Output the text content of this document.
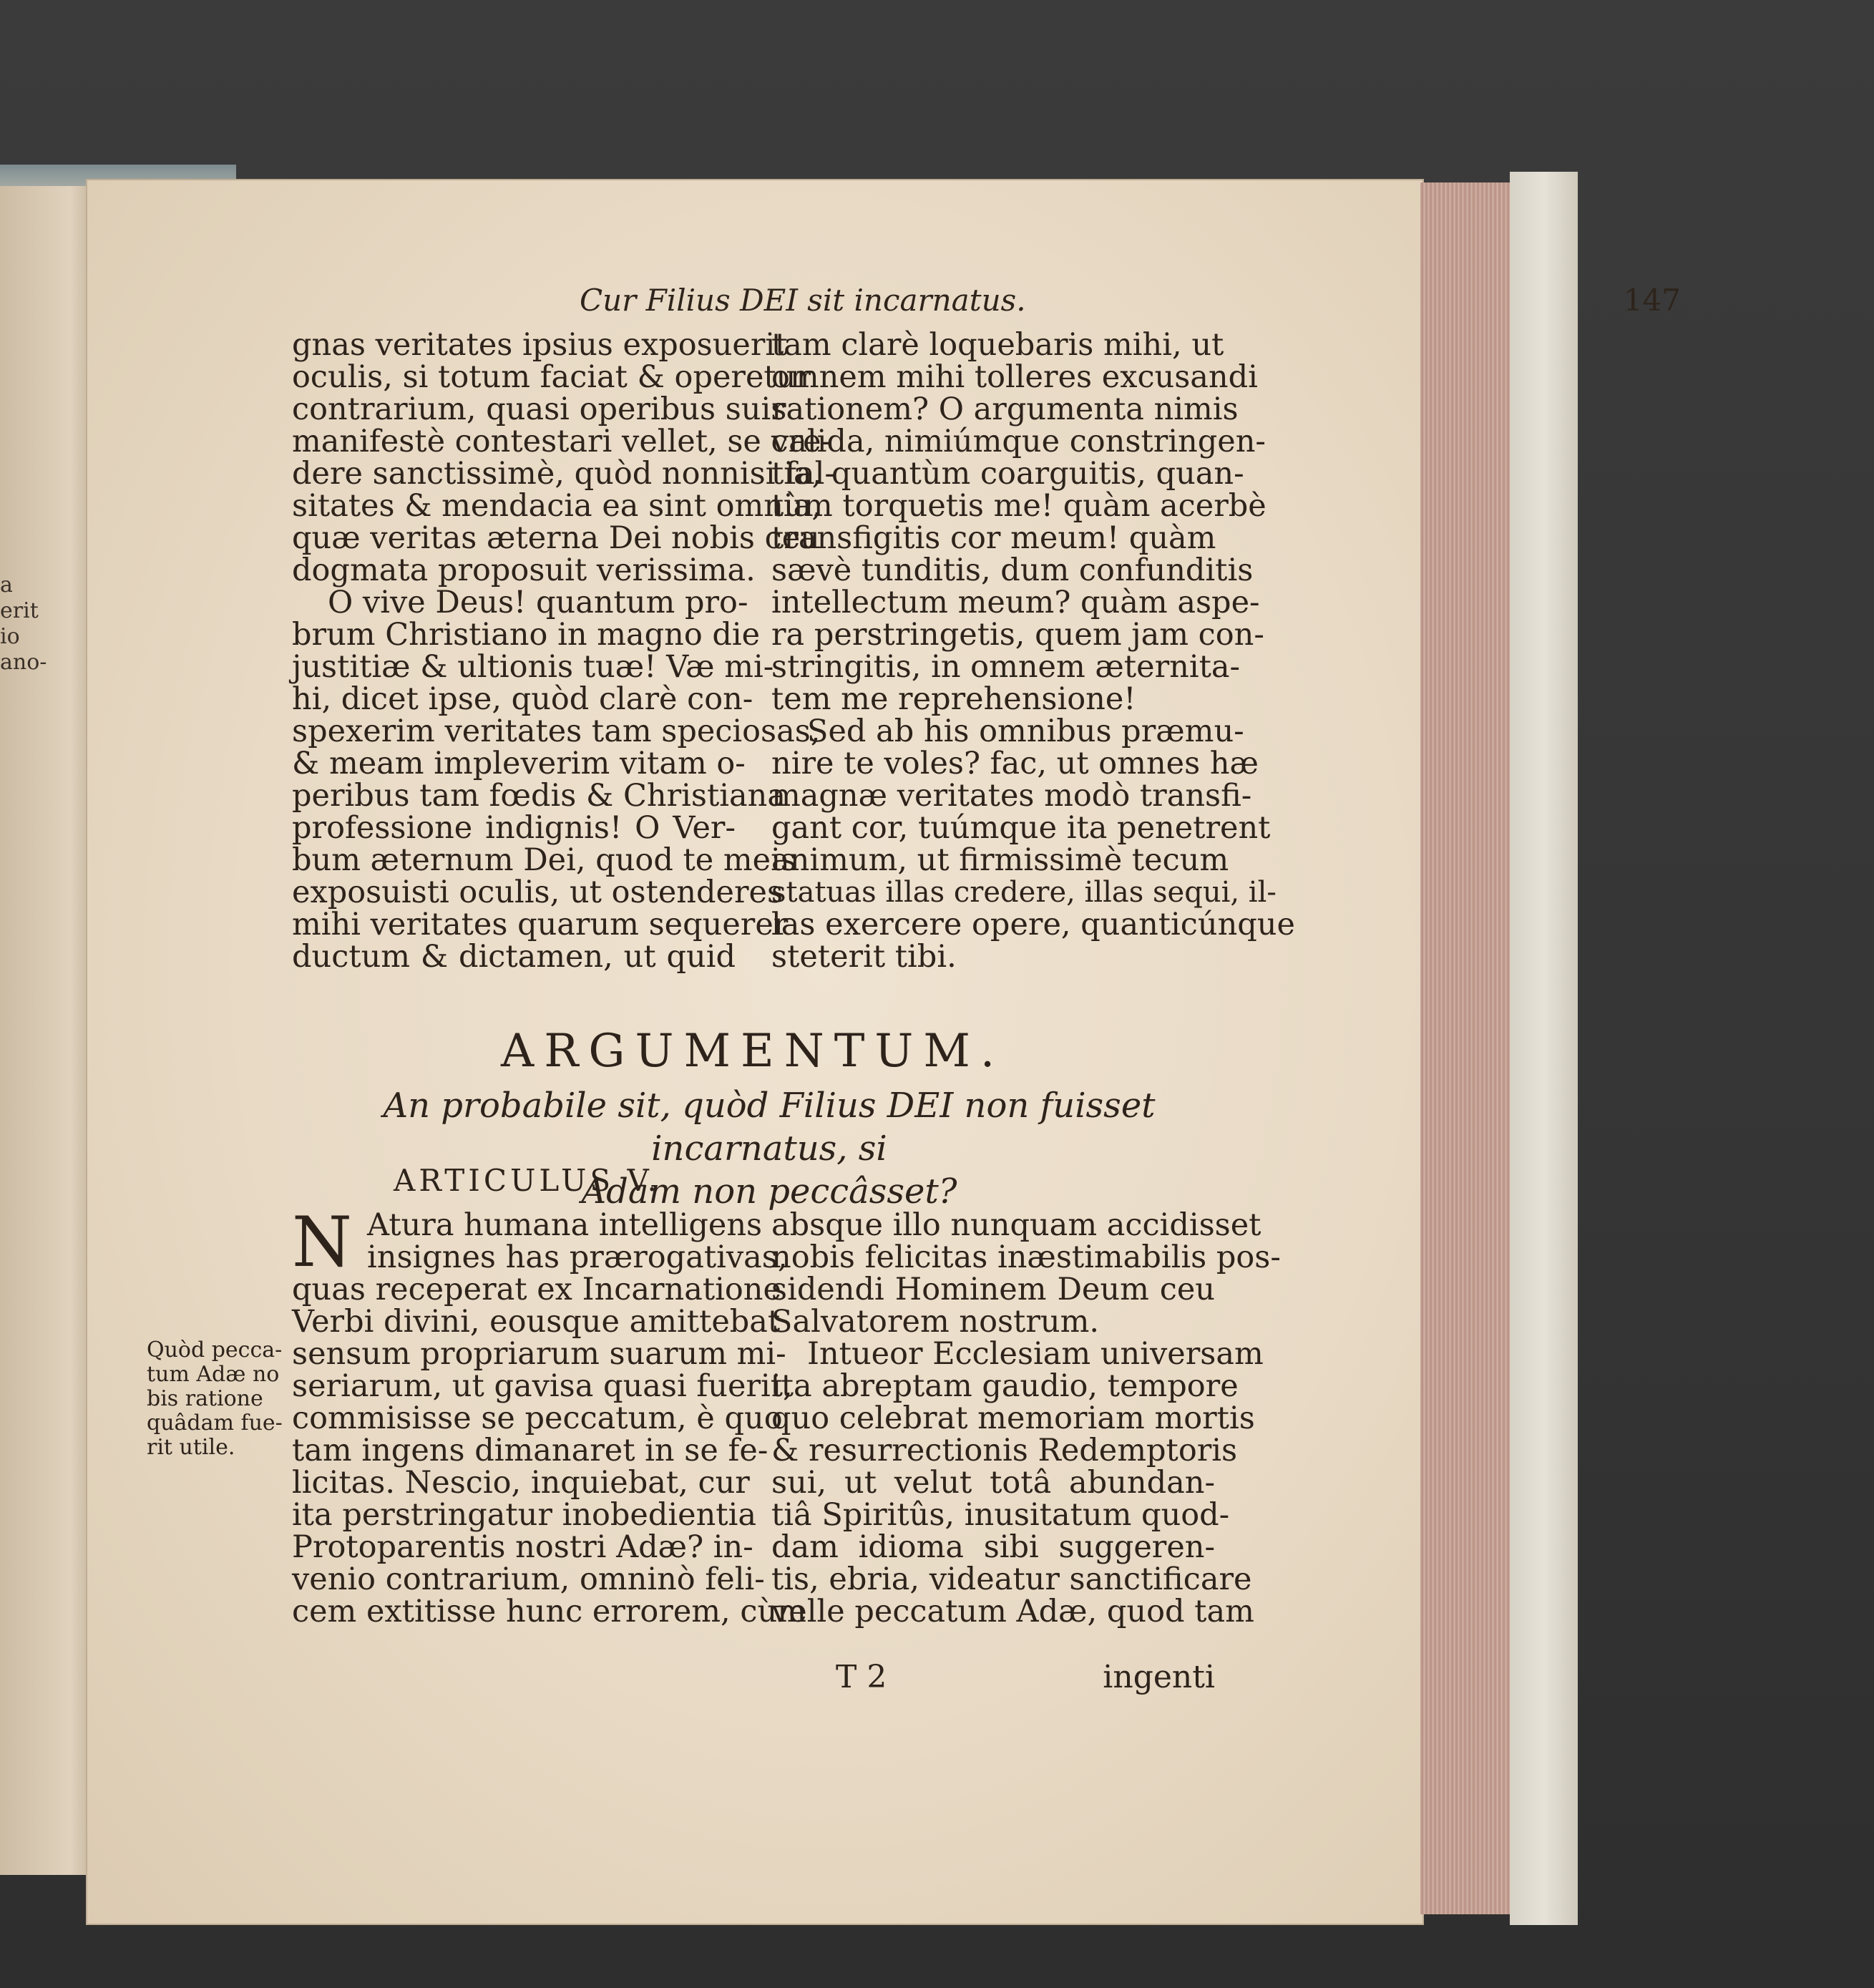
a erit
io
ano-
Cur Filius DEI sit incarnatus.	147
gnas veritates ipsius exposuerit
oculis, si totum faciat & operetur
contrarium, quasi operibus suis
manifestè contestari vellet, se cre-
dere sanctissimè, quòd nonnisi fal-
sitates & mendacia ea sint omnia,
quæ veritas æterna Dei nobis ceu
dogmata proposuit verissima.
O vive Deus! quantum pro-
brum Christiano in magno die
justitiæ & ultionis tuæ! Væ mi-
hi, dicet ipse, quòd clarè con-
spexerim veritates tam speciosas,
& meam impleverim vitam o-
peribus tam fœdis & Christiana
professione indignis! O Ver-
bum æternum Dei, quod te meis
exposuisti oculis, ut ostenderes
mihi veritates quarum sequerer
ductum & dictamen, ut quid
tam clarè loquebaris mihi, ut
omnem mihi tolleres excusandi
rationem? O argumenta nimis
valida, nimiúmque constringen-
tia, quantùm coarguitis, quan-
tùm torquetis me! quàm acerbè
transfigitis cor meum! quàm
sævè tunditis, dum confunditis
intellectum meum? quàm aspe-
ra perstringetis, quem jam con-
stringitis, in omnem æternita-
tem me reprehensione!
Sed ab his omnibus præmu-
nire te voles? fac, ut omnes hæ
magnæ veritates modò transfi-
gant cor, tuúmque ita penetrent
animum, ut firmissimè tecum
statuas illas credere, illas sequi, il-
las exercere opere, quanticúnque
steterit tibi.
ARGUMENTUM.
An probabile sit, quòd Filius DEI non fuisset incarnatus, si
Adam non peccâsset?
ARTICULUS V.
N Atura humana intelligens
insignes has prærogativas,
quas receperat ex Incarnatione
Verbi divini, eousque amittebat
sensum propriarum suarum mi-
seriarum, ut gavisa quasi fuerit,
commisisse se peccatum, è quo
tam ingens dimanaret in se fe-
licitas. Nescio, inquiebat, cur
ita perstringatur inobedientia
Protoparentis nostri Adæ? in-
venio contrarium, omninò feli-
cem extitisse hunc errorem, cùm
absque illo nunquam accidisset
nobis felicitas inæstimabilis pos-
sidendi Hominem Deum ceu
Salvatorem nostrum.
Intueor Ecclesiam universam
ita abreptam gaudio, tempore
quo celebrat memoriam mortis
& resurrectionis Redemptoris
sui, ut velut totâ abundan-
tiâ Spiritûs, inusitatum quod-
dam idioma sibi suggeren-
tis, ebria, videatur sanctificare
velle peccatum Adæ, quod tam
Quòd pecca-
tum Adæ no
bis ratione
quâdam fue-
rit utile.
T 2	ingenti
